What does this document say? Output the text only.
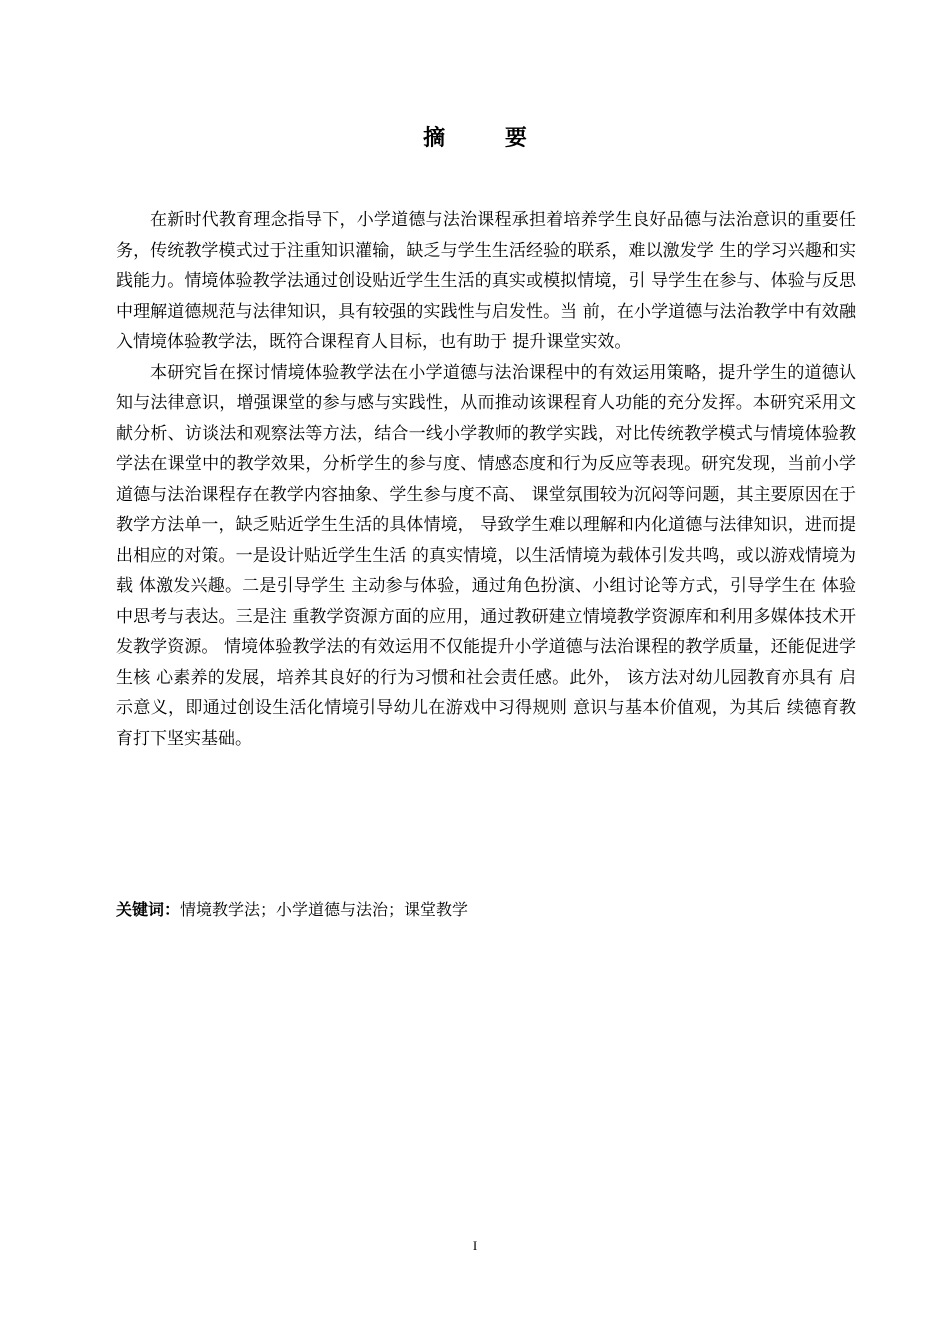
摘 要

在新时代教育理念指导下，小学道德与法治课程承担着培养学生良好品德与法治意识的重要任务，传统教学模式过于注重知识灌输，缺乏与学生生活经验的联系，难以激发学 生的学习兴趣和实践能力。情境体验教学法通过创设贴近学生生活的真实或模拟情境，引 导学生在参与、体验与反思中理解道德规范与法律知识，具有较强的实践性与启发性。当 前，在小学道德与法治教学中有效融入情境体验教学法，既符合课程育人目标，也有助于 提升课堂实效。

本研究旨在探讨情境体验教学法在小学道德与法治课程中的有效运用策略，提升学生的道德认知与法律意识，增强课堂的参与感与实践性，从而推动该课程育人功能的充分发挥。本研究采用文献分析、访谈法和观察法等方法，结合一线小学教师的教学实践，对比传统教学模式与情境体验教学法在课堂中的教学效果，分析学生的参与度、情感态度和行为反应等表现。研究发现，当前小学道德与法治课程存在教学内容抽象、学生参与度不高、 课堂氛围较为沉闷等问题，其主要原因在于教学方法单一，缺乏贴近学生生活的具体情境， 导致学生难以理解和内化道德与法律知识，进而提出相应的对策。一是设计贴近学生生活 的真实情境，以生活情境为载体引发共鸣，或以游戏情境为载 体激发兴趣。二是引导学生 主动参与体验，通过角色扮演、小组讨论等方式，引导学生在 体验中思考与表达。三是注 重教学资源方面的应用，通过教研建立情境教学资源库和利用多媒体技术开发教学资源。 情境体验教学法的有效运用不仅能提升小学道德与法治课程的教学质量，还能促进学生核 心素养的发展，培养其良好的行为习惯和社会责任感。此外， 该方法对幼儿园教育亦具有 启示意义，即通过创设生活化情境引导幼儿在游戏中习得规则 意识与基本价值观，为其后 续德育教育打下坚实基础。

关键词：情境教学法；小学道德与法治；课堂教学
I
